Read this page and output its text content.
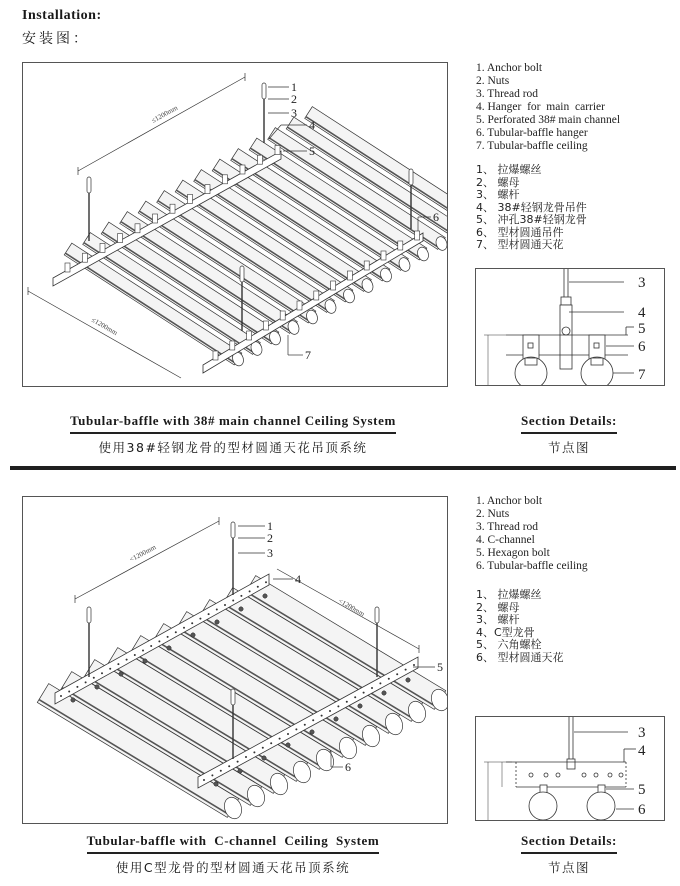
Installation:
安装图：
≤1200mm
≤1200mm
1
2
3
4
5
6
7
1. Anchor bolt
2. Nuts
3. Thread rod
4. Hanger  for  main  carrier
5. Perforated 38# main channel
6. Tubular-baffle hanger
7. Tubular-baffle ceiling
1、 拉爆螺丝
2、 螺母
3、 螺杆
4、 38#轻钢龙骨吊件
5、 冲孔38#轻钢龙骨
6、 型材圆通吊件
7、 型材圆通天花
3
4
5
6
7
Tubular-baffle with 38# main channel Ceiling System
使用38#轻钢龙骨的型材圆通天花吊顶系统
Section Details:
节点图
<1200mm
<1200mm
1
2
3
4
5
6
1. Anchor bolt
2. Nuts
3. Thread rod
4. C-channel
5. Hexagon bolt
6. Tubular-baffle ceiling
1、 拉爆螺丝
2、 螺母
3、 螺杆
4、C型龙骨
5、 六角螺栓
6、 型材圆通天花
3
4
5
6
Tubular-baffle with  C-channel  Ceiling  System
使用C型龙骨的型材圆通天花吊顶系统
Section Details:
节点图
